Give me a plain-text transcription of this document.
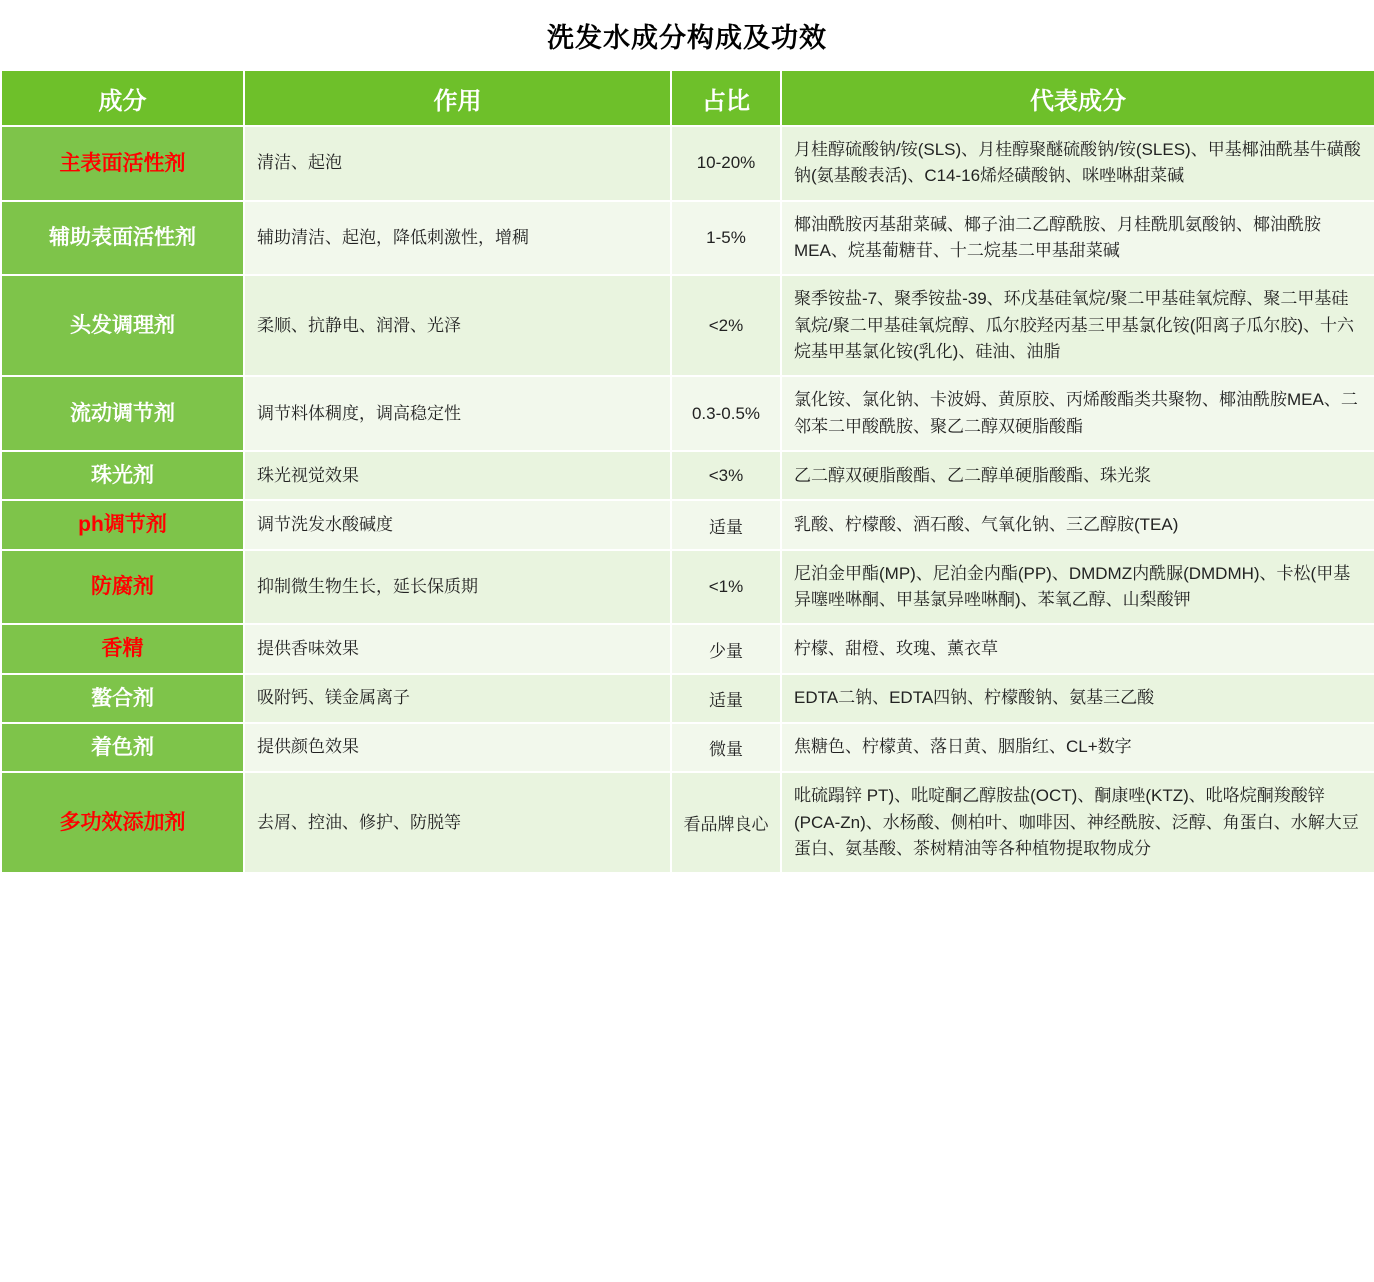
洗发水成分构成及功效
成分	作用	占比	代表成分
主表面活性剂	清洁、起泡	10-20%	月桂醇硫酸钠/铵(SLS)、月桂醇聚醚硫酸钠/铵(SLES)、甲基椰油酰基牛磺酸钠(氨基酸表活)、C14-16烯烃磺酸钠、咪唑啉甜菜碱
辅助表面活性剂	辅助清洁、起泡，降低刺激性，增稠	1-5%	椰油酰胺丙基甜菜碱、椰子油二乙醇酰胺、月桂酰肌氨酸钠、椰油酰胺MEA、烷基葡糖苷、十二烷基二甲基甜菜碱
头发调理剂	柔顺、抗静电、润滑、光泽	<2%	聚季铵盐-7、聚季铵盐-39、环戊基硅氧烷/聚二甲基硅氧烷醇、聚二甲基硅氧烷/聚二甲基硅氧烷醇、瓜尔胶羟丙基三甲基氯化铵(阳离子瓜尔胶)、十六烷基甲基氯化铵(乳化)、硅油、油脂
流动调节剂	调节料体稠度，调高稳定性	0.3-0.5%	氯化铵、氯化钠、卡波姆、黄原胶、丙烯酸酯类共聚物、椰油酰胺MEA、二邻苯二甲酸酰胺、聚乙二醇双硬脂酸酯
珠光剂	珠光视觉效果	<3%	乙二醇双硬脂酸酯、乙二醇单硬脂酸酯、珠光浆
ph调节剂	调节洗发水酸碱度	适量	乳酸、柠檬酸、酒石酸、气氧化钠、三乙醇胺(TEA)
防腐剂	抑制微生物生长，延长保质期	<1%	尼泊金甲酯(MP)、尼泊金内酯(PP)、DMDMZ内酰脲(DMDMH)、卡松(甲基异噻唑啉酮、甲基氯异唑啉酮)、苯氧乙醇、山梨酸钾
香精	提供香味效果	少量	柠檬、甜橙、玫瑰、薰衣草
螯合剂	吸附钙、镁金属离子	适量	EDTA二钠、EDTA四钠、柠檬酸钠、氨基三乙酸
着色剂	提供颜色效果	微量	焦糖色、柠檬黄、落日黄、胭脂红、CL+数字
多功效添加剂	去屑、控油、修护、防脱等	看品牌良心	吡硫蹋锌 PT)、吡啶酮乙醇胺盐(OCT)、酮康唑(KTZ)、吡咯烷酮羧酸锌(PCA-Zn)、水杨酸、侧柏叶、咖啡因、神经酰胺、泛醇、角蛋白、水解大豆蛋白、氨基酸、茶树精油等各种植物提取物成分
